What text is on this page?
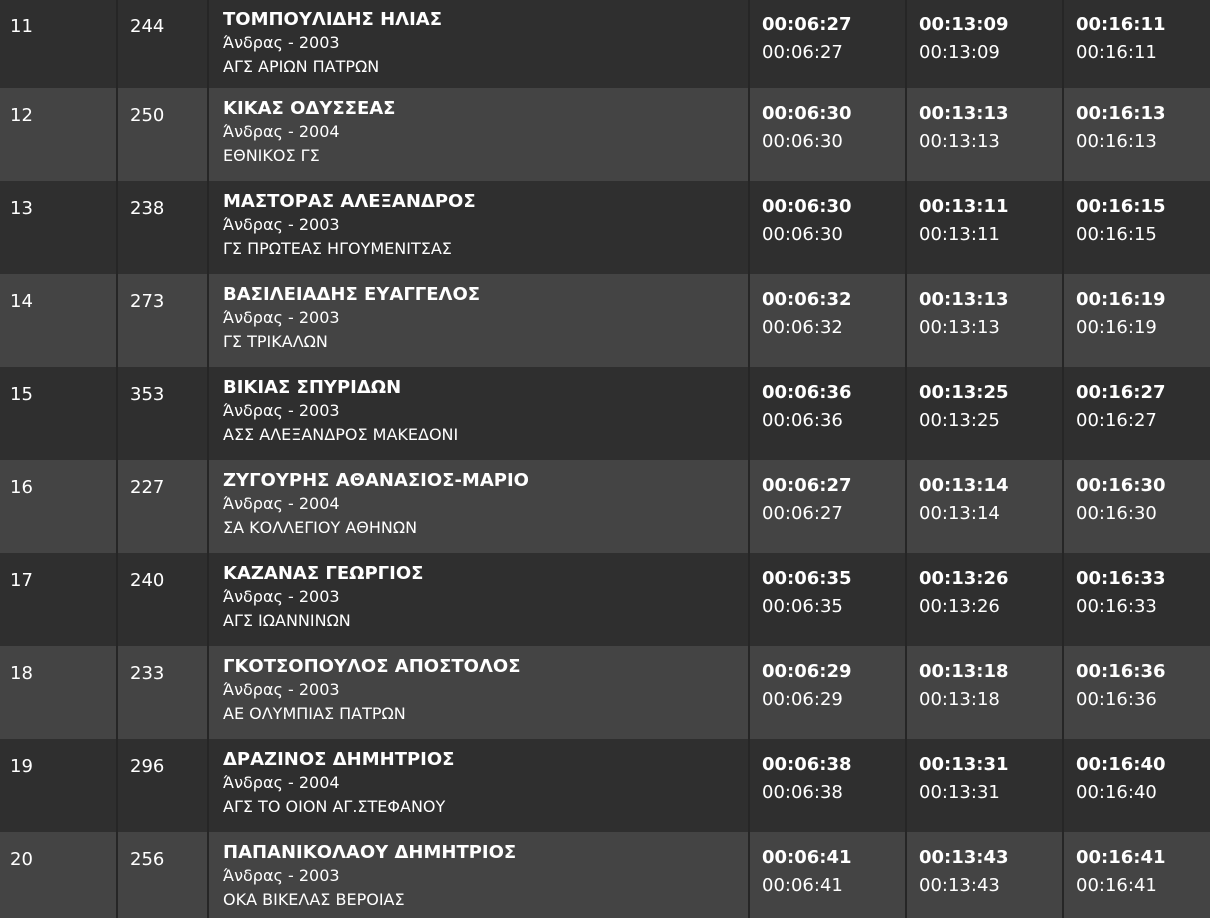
11	244	ΤΟΜΠΟΥΛΙΔΗΣ ΗΛΙΑΣ
Άνδρας - 2003
ΑΓΣ ΑΡΙΩΝ ΠΑΤΡΩΝ
00:06:27
00:06:27
00:13:09
00:13:09
00:16:11
00:16:11
12	250	ΚΙΚΑΣ ΟΔΥΣΣΕΑΣ
Άνδρας - 2004
ΕΘΝΙΚΟΣ ΓΣ
00:06:30
00:06:30
00:13:13
00:13:13
00:16:13
00:16:13
13	238	ΜΑΣΤΟΡΑΣ ΑΛΕΞΑΝΔΡΟΣ
Άνδρας - 2003
ΓΣ ΠΡΩΤΕΑΣ ΗΓΟΥΜΕΝΙΤΣΑΣ
00:06:30
00:06:30
00:13:11
00:13:11
00:16:15
00:16:15
14	273	ΒΑΣΙΛΕΙΑΔΗΣ ΕΥΑΓΓΕΛΟΣ
Άνδρας - 2003
ΓΣ ΤΡΙΚΑΛΩΝ
00:06:32
00:06:32
00:13:13
00:13:13
00:16:19
00:16:19
15	353	ΒΙΚΙΑΣ ΣΠΥΡΙΔΩΝ
Άνδρας - 2003
ΑΣΣ ΑΛΕΞΑΝΔΡΟΣ ΜΑΚΕΔΟΝΙ
00:06:36
00:06:36
00:13:25
00:13:25
00:16:27
00:16:27
16	227	ΖΥΓΟΥΡΗΣ ΑΘΑΝΑΣΙΟΣ-ΜΑΡΙΟ
Άνδρας - 2004
ΣΑ ΚΟΛΛΕΓΙΟΥ ΑΘΗΝΩΝ
00:06:27
00:06:27
00:13:14
00:13:14
00:16:30
00:16:30
17	240	ΚΑΖΑΝΑΣ ΓΕΩΡΓΙΟΣ
Άνδρας - 2003
ΑΓΣ ΙΩΑΝΝΙΝΩΝ
00:06:35
00:06:35
00:13:26
00:13:26
00:16:33
00:16:33
18	233	ΓΚΟΤΣΟΠΟΥΛΟΣ ΑΠΟΣΤΟΛΟΣ
Άνδρας - 2003
ΑΕ ΟΛΥΜΠΙΑΣ ΠΑΤΡΩΝ
00:06:29
00:06:29
00:13:18
00:13:18
00:16:36
00:16:36
19	296	ΔΡΑΖΙΝΟΣ ΔΗΜΗΤΡΙΟΣ
Άνδρας - 2004
ΑΓΣ ΤΟ ΟΙΟΝ ΑΓ.ΣΤΕΦΑΝΟΥ
00:06:38
00:06:38
00:13:31
00:13:31
00:16:40
00:16:40
20	256	ΠΑΠΑΝΙΚΟΛΑΟΥ ΔΗΜΗΤΡΙΟΣ
Άνδρας - 2003
ΟΚΑ ΒΙΚΕΛΑΣ ΒΕΡΟΙΑΣ
00:06:41
00:06:41
00:13:43
00:13:43
00:16:41
00:16:41
